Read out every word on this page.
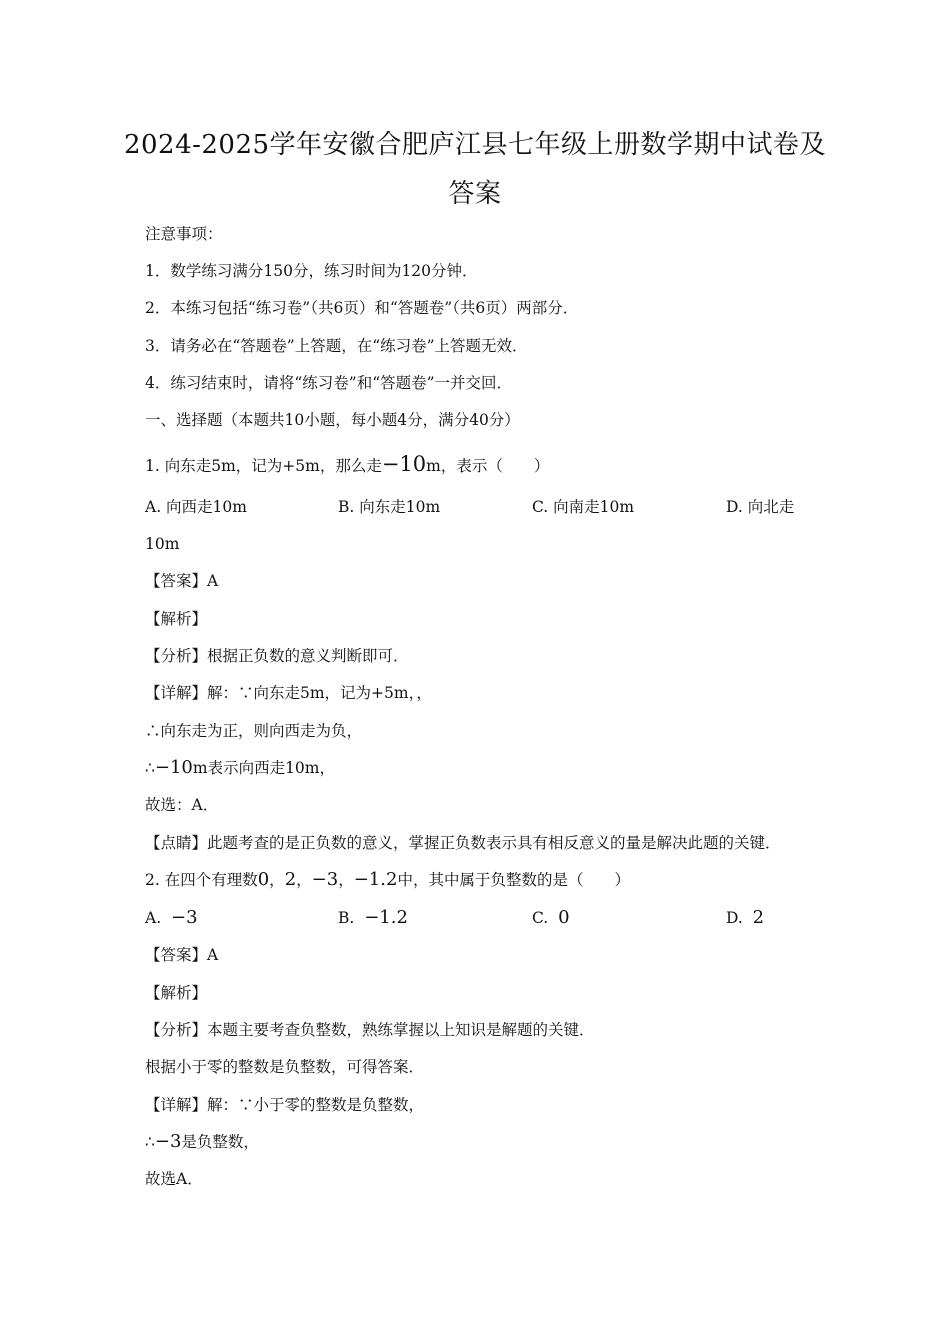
2024-2025学年安徽合肥庐江县七年级上册数学期中试卷及
答案
注意事项：
1．数学练习满分150分，练习时间为120分钟．
2．本练习包括“练习卷”（共6页）和“答题卷”（共6页）两部分．
3．请务必在“答题卷”上答题，在“练习卷”上答题无效．
4．练习结束时，请将“练习卷”和“答题卷”一并交回．
一、选择题（本题共10小题，每小题4分，满分40分）
1. 向东走5m，记为+5m，那么走−10m，表示（　　）
A. 向西走10m	B. 向东走10m	C. 向南走10m	D. 向北走
10m
【答案】A
【解析】
【分析】根据正负数的意义判断即可．
【详解】解：∵向东走5m，记为+5m，，
∴向东走为正，则向西走为负，
∴−10m表示向西走10m，
故选：A．
【点睛】此题考查的是正负数的意义，掌握正负数表示具有相反意义的量是解决此题的关键．
2. 在四个有理数0，2，−3，−1.2中，其中属于负整数的是（　　）
A. −3	B. −1.2	C. 0	D. 2
【答案】A
【解析】
【分析】本题主要考查负整数，熟练掌握以上知识是解题的关键．
根据小于零的整数是负整数，可得答案．
【详解】解：∵小于零的整数是负整数，
∴−3是负整数，
故选A．
